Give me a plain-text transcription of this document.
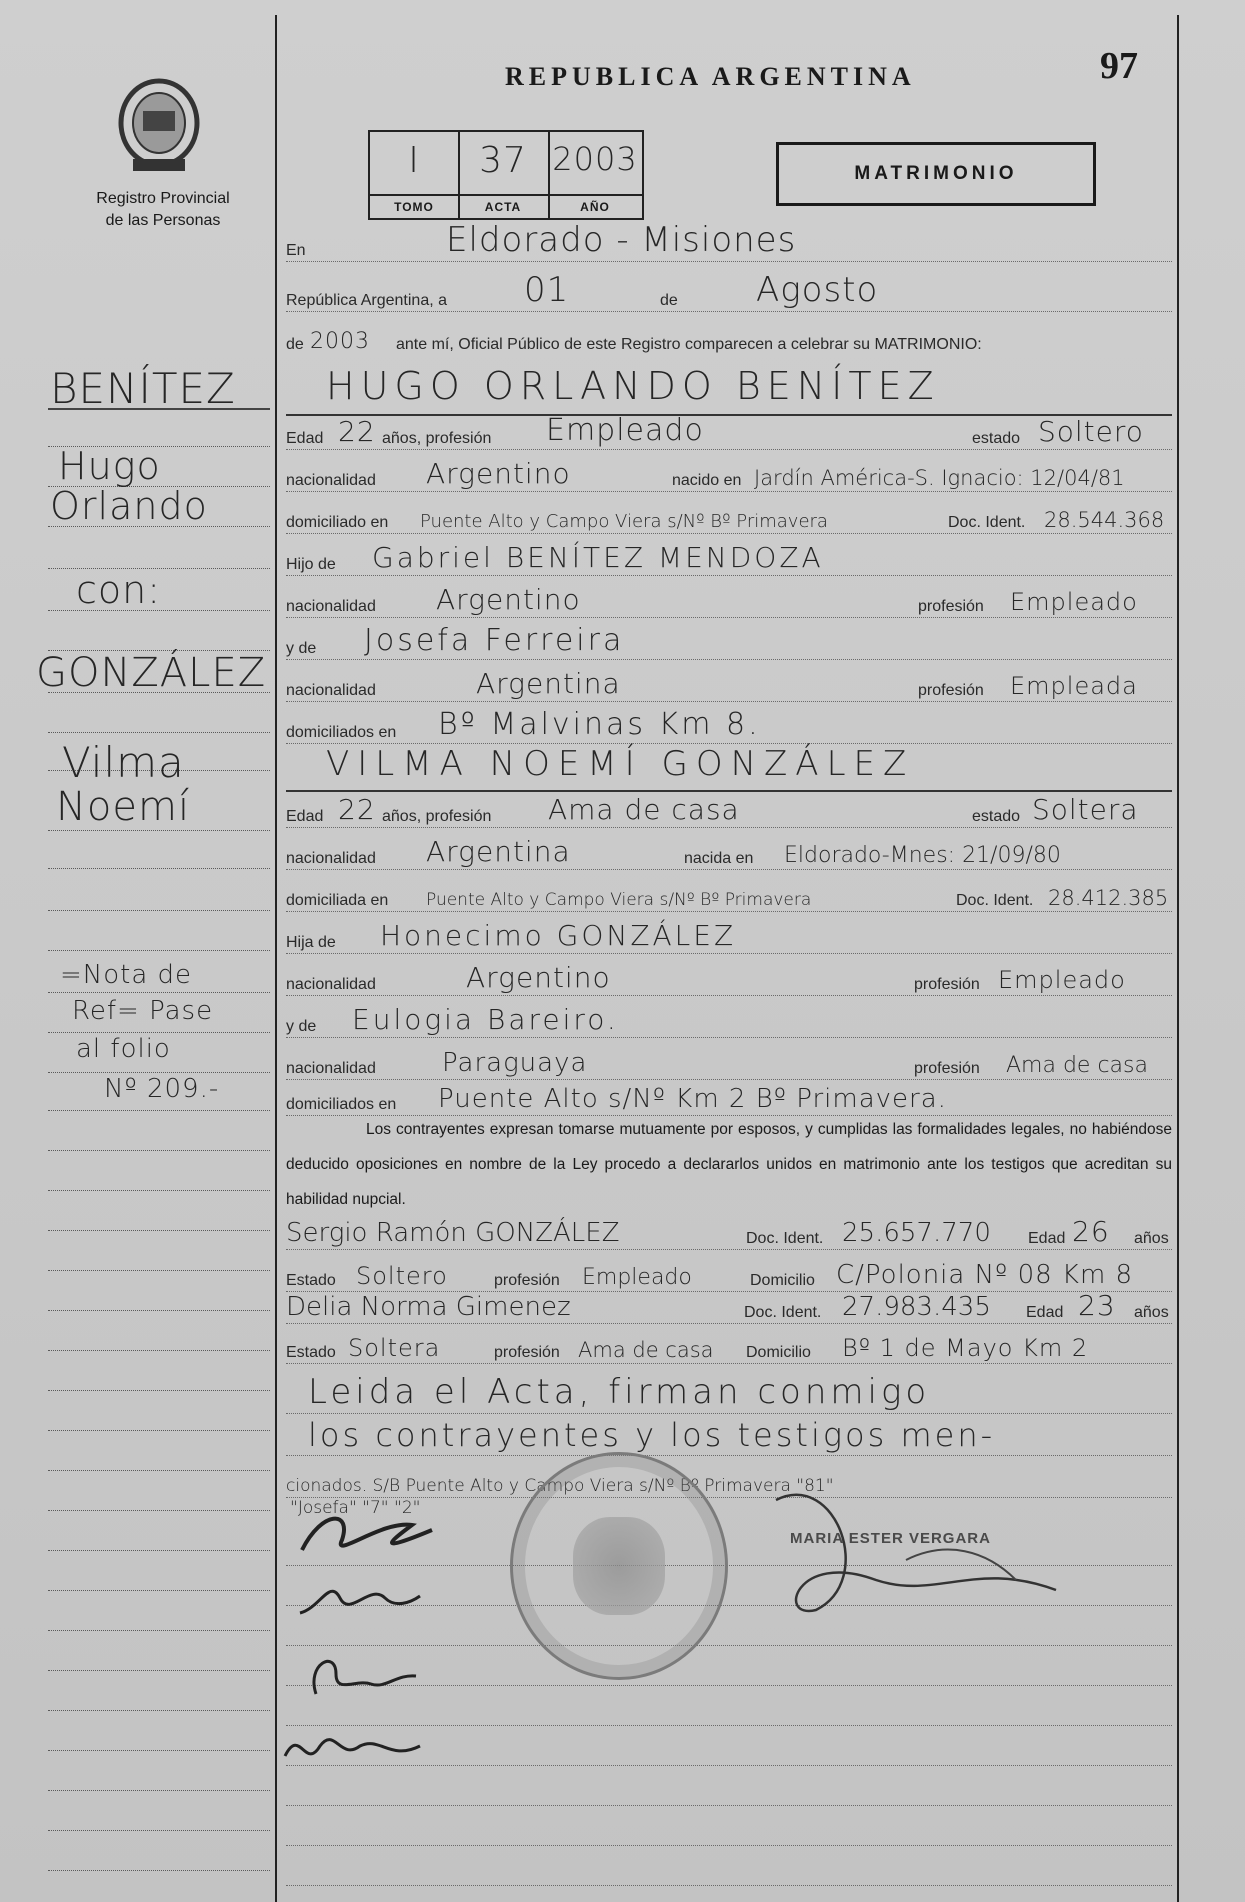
Registro Provincial
de las Personas
BENÍTEZ
Hugo
Orlando
con:
GONZÁLEZ
Vilma
Noemí
=Nota de
Ref= Pase
al folio
Nº 209.-
REPUBLICA ARGENTINA	97
I
TOMO
37
ACTA
2003
AÑO
MATRIMONIO
En	Eldorado - Misiones
República Argentina, a 01	de Agosto
de 2003 ante mí, Oficial Público de este Registro comparecen a celebrar su MATRIMONIO:
HUGO ORLANDO BENÍTEZ
Edad 22 años, profesión Empleado	estado Soltero
nacionalidad Argentino	nacido en Jardín América-S. Ignacio: 12/04/81
domiciliado en Puente Alto y Campo Viera s/Nº Bº Primavera	Doc. Ident. 28.544.368
Hijo de Gabriel BENÍTEZ MENDOZA
nacionalidad Argentino	profesión Empleado
y de Josefa Ferreira
nacionalidad	Argentina	profesión Empleada
domiciliados en Bº Malvinas Km 8.
VILMA NOEMÍ GONZÁLEZ
Edad 22 años, profesión Ama de casa	estado Soltera
nacionalidad Argentina	nacida en Eldorado-Mnes: 21/09/80
domiciliada en Puente Alto y Campo Viera s/Nº Bº Primavera	Doc. Ident. 28.412.385
Hija de Honecimo GONZÁLEZ
nacionalidad	Argentino	profesión Empleado
y de Eulogia Bareiro.
nacionalidad	Paraguaya	profesión Ama de casa
domiciliados en Puente Alto s/Nº Km 2 Bº Primavera.
Los contrayentes expresan tomarse mutuamente por esposos, y cumplidas las formalidades legales, no habiéndose deducido oposiciones en nombre de la Ley procedo a declararlos unidos en matrimonio ante los testigos que acreditan su habilidad nupcial.
Sergio Ramón GONZÁLEZ	Doc. Ident. 25.657.770 Edad 26 años
Estado Soltero	profesión Empleado	Domicilio C/Polonia Nº 08 Km 8
Delia Norma Gimenez	Doc. Ident. 27.983.435 Edad 23 años
Estado Soltera	profesión Ama de casa Domicilio Bº 1 de Mayo Km 2
Leida el Acta, firman conmigo
los contrayentes y los testigos men-
cionados. S/B Puente Alto y Campo Viera s/Nº Bº Primavera "81"
"Josefa" "7" "2"
MARIA ESTER VERGARA
